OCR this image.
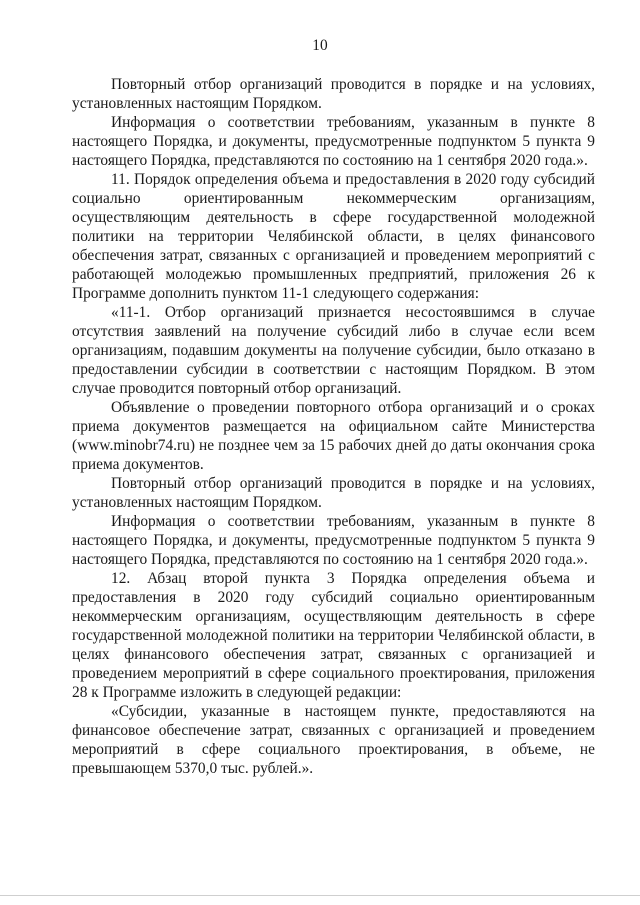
10

Повторный отбор организаций проводится в порядке и на условиях, установленных настоящим Порядком.

Информация о соответствии требованиям, указанным в пункте 8 настоящего Порядка, и документы, предусмотренные подпунктом 5 пункта 9 настоящего Порядка, представляются по состоянию на 1 сентября 2020 года.».

11. Порядок определения объема и предоставления в 2020 году субсидий социально ориентированным некоммерческим организациям, осуществляющим деятельность в сфере государственной молодежной политики на территории Челябинской области, в целях финансового обеспечения затрат, связанных с организацией и проведением мероприятий с работающей молодежью промышленных предприятий, приложения 26 к Программе дополнить пунктом 11-1 следующего содержания:

«11-1. Отбор организаций признается несостоявшимся в случае отсутствия заявлений на получение субсидий либо в случае если всем организациям, подавшим документы на получение субсидии, было отказано в предоставлении субсидии в соответствии с настоящим Порядком. В этом случае проводится повторный отбор организаций.

Объявление о проведении повторного отбора организаций и о сроках приема документов размещается на официальном сайте Министерства (www.minobr74.ru) не позднее чем за 15 рабочих дней до даты окончания срока приема документов.

Повторный отбор организаций проводится в порядке и на условиях, установленных настоящим Порядком.

Информация о соответствии требованиям, указанным в пункте 8 настоящего Порядка, и документы, предусмотренные подпунктом 5 пункта 9 настоящего Порядка, представляются по состоянию на 1 сентября 2020 года.».

12. Абзац второй пункта 3 Порядка определения объема и предоставления в 2020 году субсидий социально ориентированным некоммерческим организациям, осуществляющим деятельность в сфере государственной молодежной политики на территории Челябинской области, в целях финансового обеспечения затрат, связанных с организацией и проведением мероприятий в сфере социального проектирования, приложения 28 к Программе изложить в следующей редакции:

«Субсидии, указанные в настоящем пункте, предоставляются на финансовое обеспечение затрат, связанных с организацией и проведением мероприятий в сфере социального проектирования, в объеме, не превышающем 5370,0 тыс. рублей.».
